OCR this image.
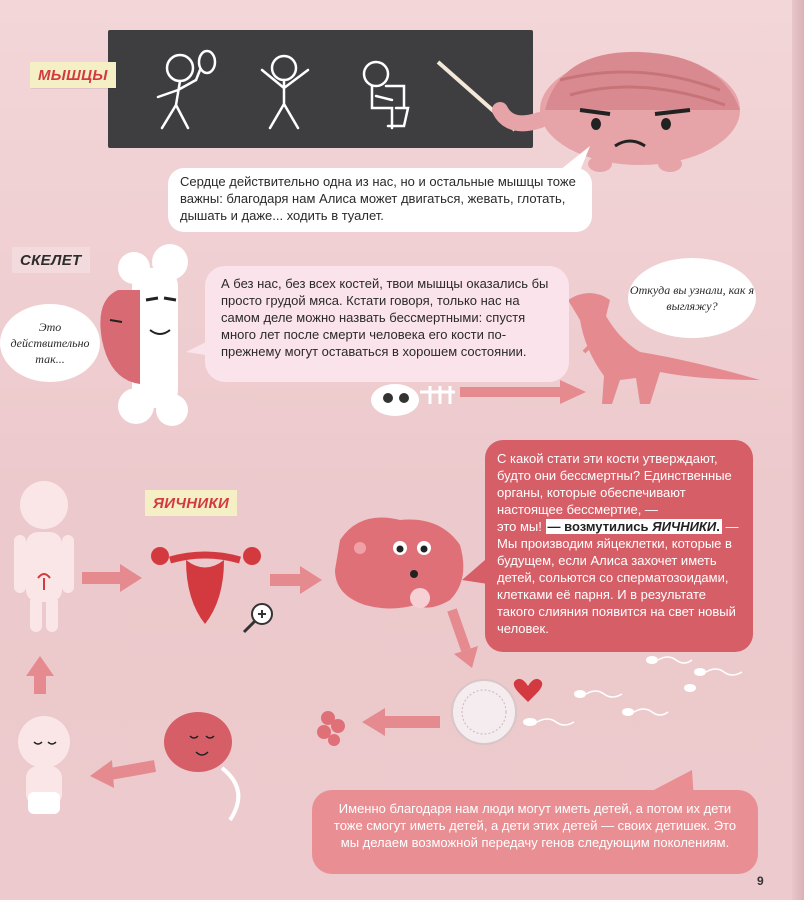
МЫШЦЫ
СКЕЛЕТ
ЯИЧНИКИ
Сердце действительно одна из нас, но и остальные мышцы тоже важны: благодаря нам Алиса может двигаться, жевать, глотать, дышать и даже... ходить в туалет.
А без нас, без всех костей, твои мышцы оказались бы просто грудой мяса. Кстати говоря, только нас на самом деле можно назвать бессмертными: спустя много лет после смерти человека его кости по-прежнему могут оставаться в хорошем состоянии.
Это действительно так...
Откуда вы узнали, как я выгляжу?
С какой стати эти кости утверждают, будто они бессмертны? Единственные органы, которые обеспечивают настоящее бессмертие, —
это мы! — возмутились ЯИЧНИКИ. — Мы производим яйцеклетки, которые в будущем, если Алиса захочет иметь детей, сольются со сперматозоидами, клетками её парня. И в результате такого слияния появится на свет новый человек.
Именно благодаря нам люди могут иметь детей, а потом их дети тоже смогут иметь детей, а дети этих детей — своих детишек. Это мы делаем возможной передачу генов следующим поколениям.
9
